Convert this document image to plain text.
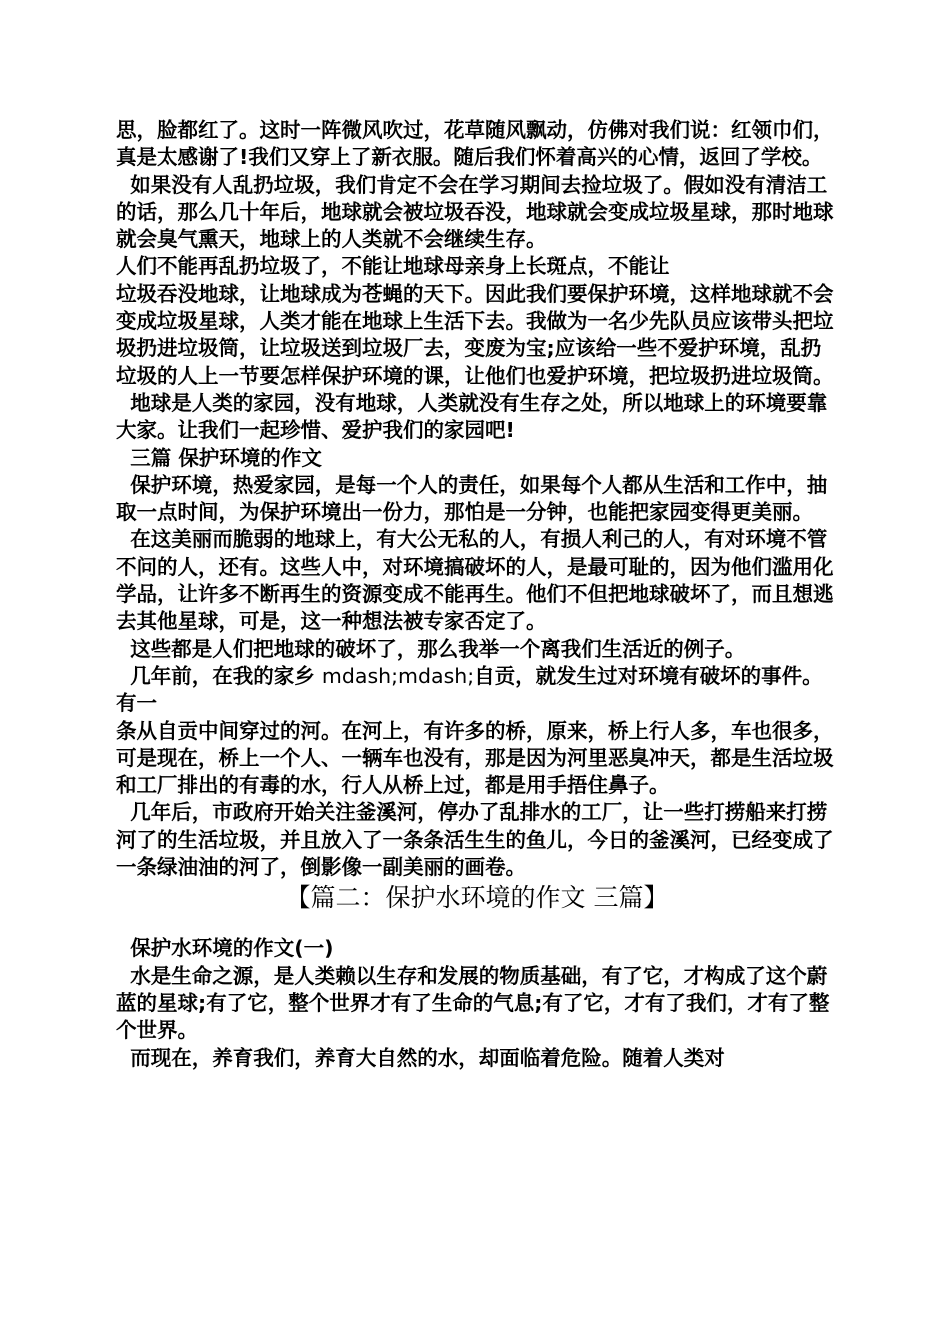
思，脸都红了。这时一阵微风吹过，花草随风飘动，仿佛对我们说：红领巾们，真是太感谢了!我们又穿上了新衣服。随后我们怀着高兴的心情，返回了学校。

如果没有人乱扔垃圾，我们肯定不会在学习期间去捡垃圾了。假如没有清洁工的话，那么几十年后，地球就会被垃圾吞没，地球就会变成垃圾星球，那时地球就会臭气熏天，地球上的人类就不会继续生存。

人们不能再乱扔垃圾了，不能让地球母亲身上长斑点，不能让

垃圾吞没地球，让地球成为苍蝇的天下。因此我们要保护环境，这样地球就不会变成垃圾星球，人类才能在地球上生活下去。我做为一名少先队员应该带头把垃圾扔进垃圾筒，让垃圾送到垃圾厂去，变废为宝;应该给一些不爱护环境，乱扔垃圾的人上一节要怎样保护环境的课，让他们也爱护环境，把垃圾扔进垃圾筒。

地球是人类的家园，没有地球，人类就没有生存之处，所以地球上的环境要靠大家。让我们一起珍惜、爱护我们的家园吧!

三篇 保护环境的作文

保护环境，热爱家园，是每一个人的责任，如果每个人都从生活和工作中，抽取一点时间，为保护环境出一份力，那怕是一分钟，也能把家园变得更美丽。

在这美丽而脆弱的地球上，有大公无私的人，有损人利己的人，有对环境不管不问的人，还有。这些人中，对环境搞破坏的人，是最可耻的，因为他们滥用化学品，让许多不断再生的资源变成不能再生。他们不但把地球破坏了，而且想逃去其他星球，可是，这一种想法被专家否定了。

这些都是人们把地球的破坏了，那么我举一个离我们生活近的例子。

几年前，在我的家乡 mdash;mdash;自贡，就发生过对环境有破坏的事件。有一

条从自贡中间穿过的河。在河上，有许多的桥，原来，桥上行人多，车也很多，可是现在，桥上一个人、一辆车也没有，那是因为河里恶臭冲天，都是生活垃圾和工厂排出的有毒的水，行人从桥上过，都是用手捂住鼻子。

几年后，市政府开始关注釜溪河，停办了乱排水的工厂，让一些打捞船来打捞河了的生活垃圾，并且放入了一条条活生生的鱼儿，今日的釜溪河，已经变成了一条绿油油的河了，倒影像一副美丽的画卷。

【篇二：保护水环境的作文 三篇】

保护水环境的作文(一)

水是生命之源，是人类赖以生存和发展的物质基础，有了它，才构成了这个蔚蓝的星球;有了它，整个世界才有了生命的气息;有了它，才有了我们，才有了整个世界。

而现在，养育我们，养育大自然的水，却面临着危险。随着人类对
